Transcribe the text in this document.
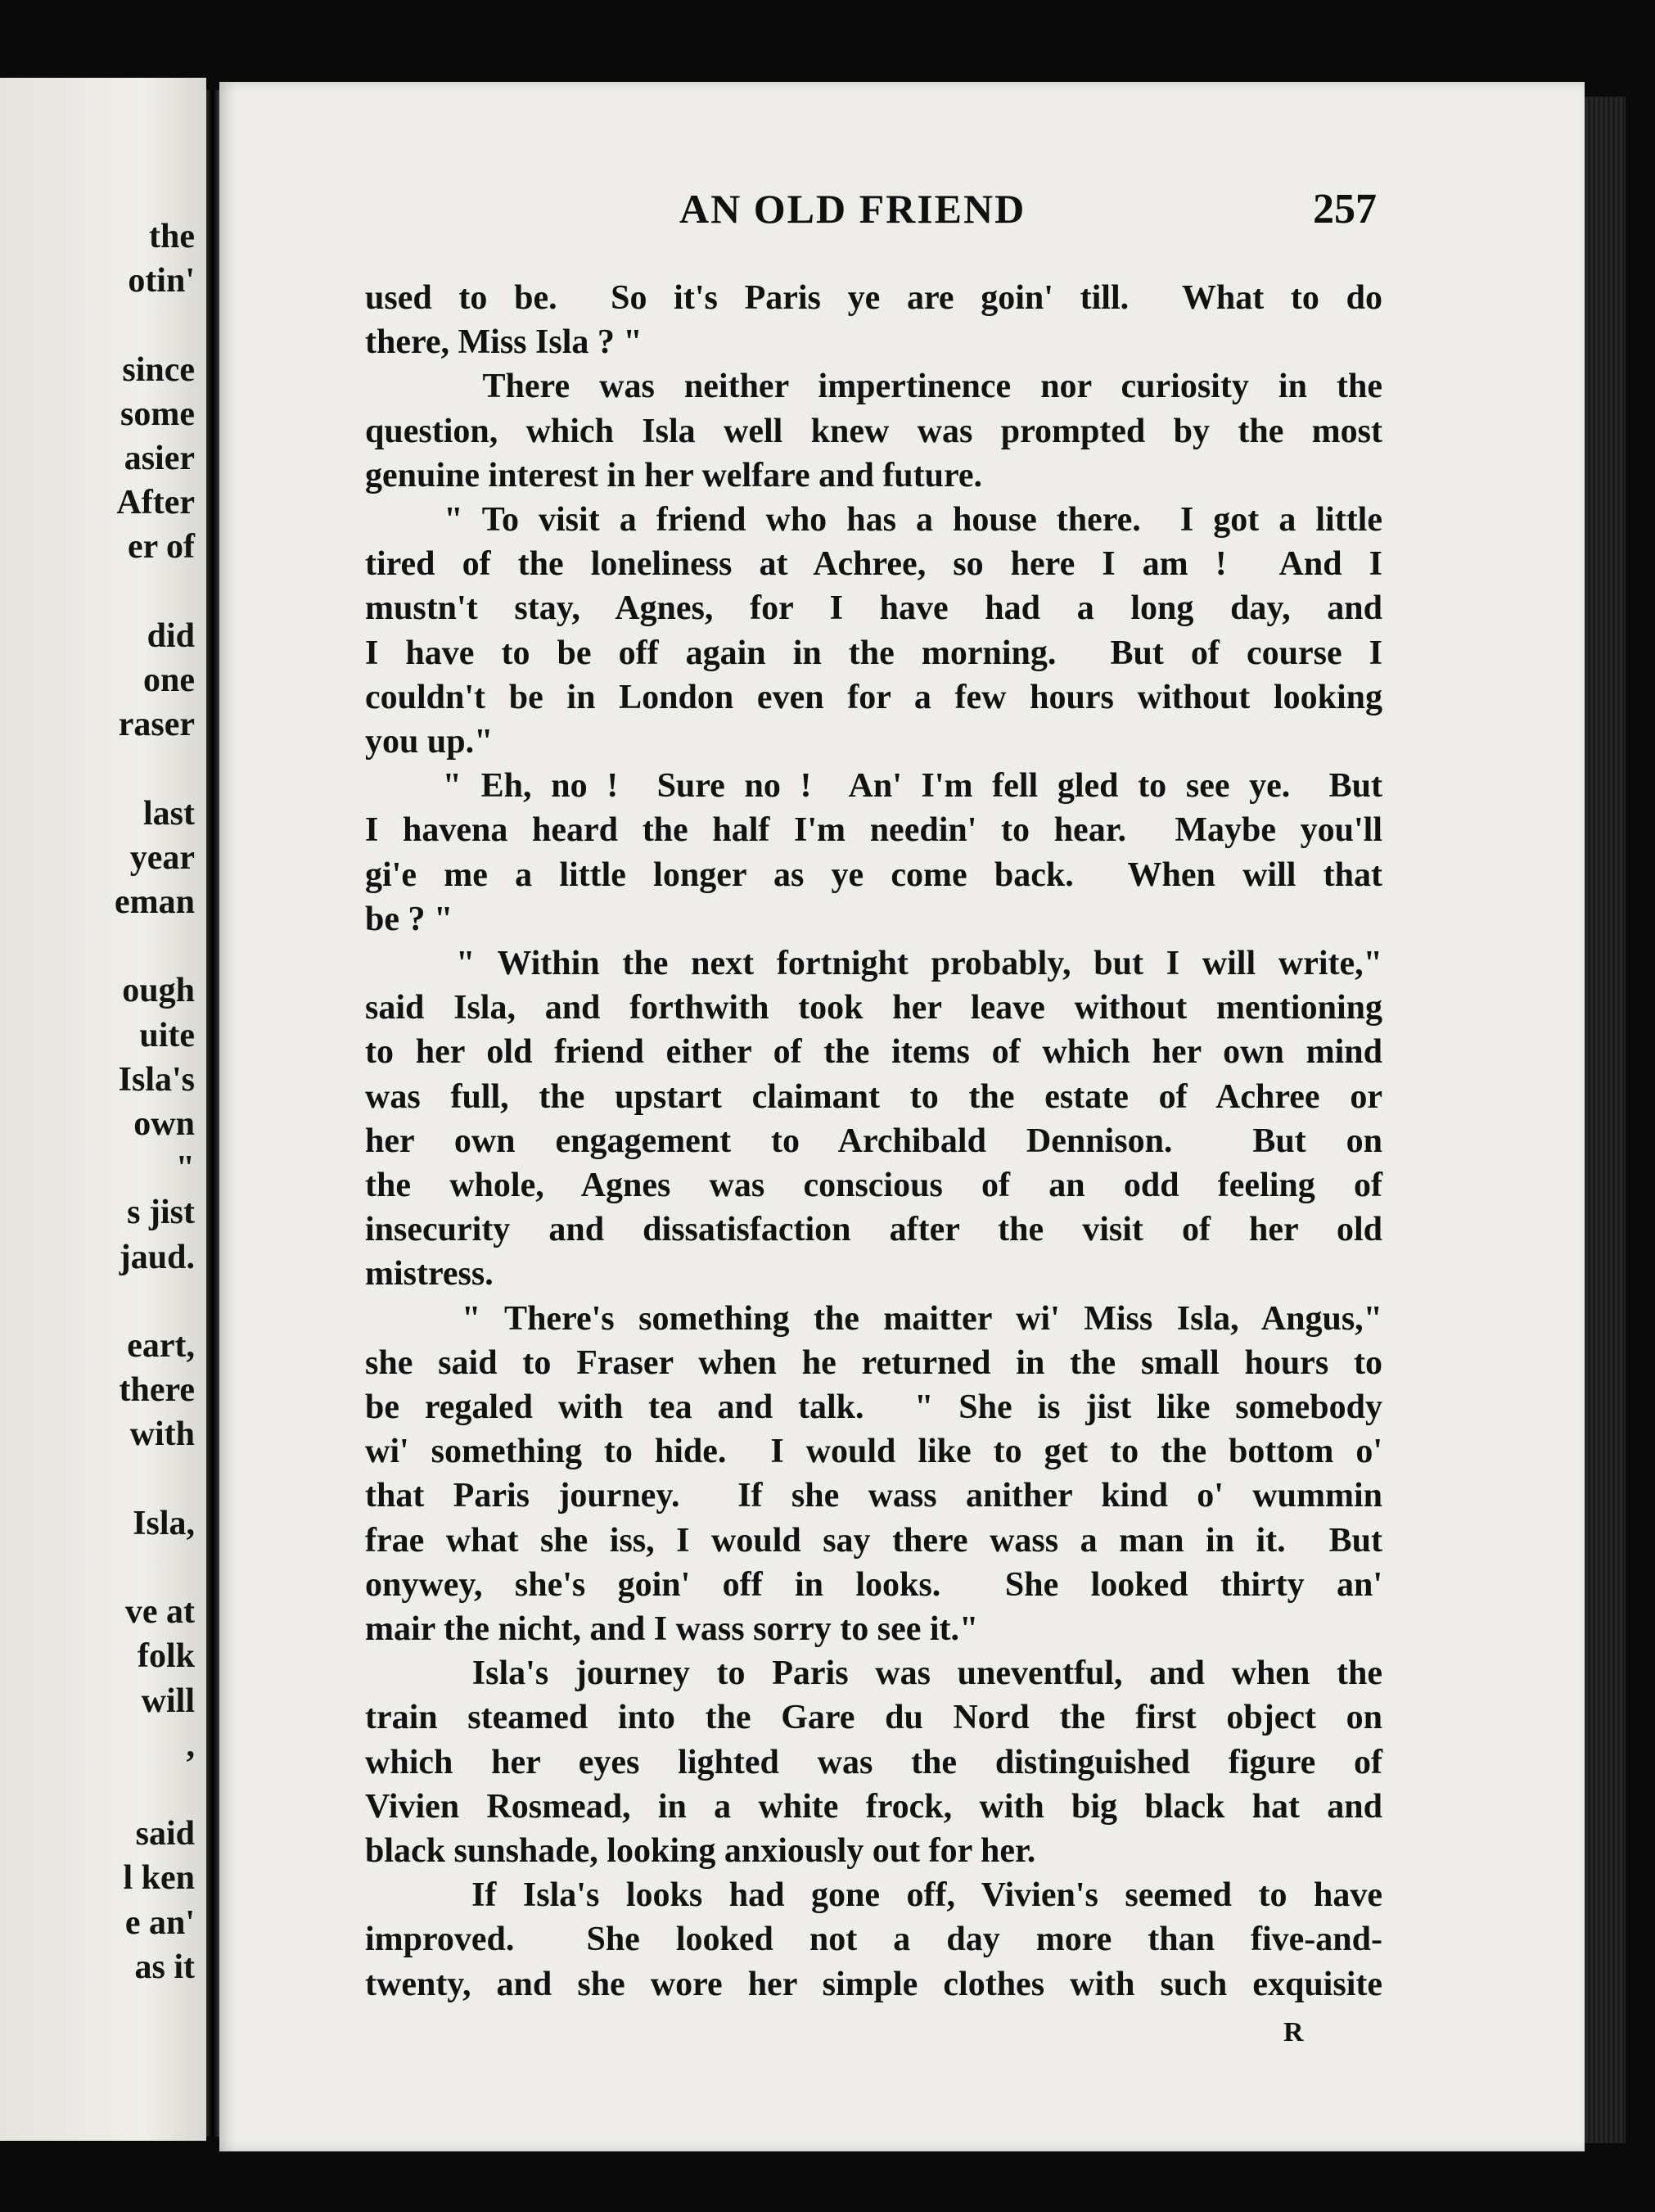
the
otin'
since
some
asier
After
er of
did
one
raser
last
year
eman
ough
uite
Isla's
own
"
s jist
jaud.
eart,
there
with
Isla,
ve at
folk
will
,
said
l ken
e an'
as it
AN OLD FRIEND	257
used to be.  So it's Paris ye are goin' till.  What to do
there, Miss Isla ? "
There was neither impertinence nor curiosity in the
question, which Isla well knew was prompted by the most
genuine interest in her welfare and future.
" To visit a friend who has a house there.  I got a little
tired of the loneliness at Achree, so here I am !  And I
mustn't stay, Agnes, for I have had a long day, and
I have to be off again in the morning.  But of course I
couldn't be in London even for a few hours without looking
you up."
" Eh, no !  Sure no !  An' I'm fell gled to see ye.  But
I havena heard the half I'm needin' to hear.  Maybe you'll
gi'e me a little longer as ye come back.  When will that
be ? "
" Within the next fortnight probably, but I will write,"
said Isla, and forthwith took her leave without mentioning
to her old friend either of the items of which her own mind
was full, the upstart claimant to the estate of Achree or
her own engagement to Archibald Dennison.  But on
the whole, Agnes was conscious of an odd feeling of
insecurity and dissatisfaction after the visit of her old
mistress.
" There's something the maitter wi' Miss Isla, Angus,"
she said to Fraser when he returned in the small hours to
be regaled with tea and talk.  " She is jist like somebody
wi' something to hide.  I would like to get to the bottom o'
that Paris journey.  If she wass anither kind o' wummin
frae what she iss, I would say there wass a man in it.  But
onywey, she's goin' off in looks.  She looked thirty an'
mair the nicht, and I wass sorry to see it."
Isla's journey to Paris was uneventful, and when the
train steamed into the Gare du Nord the first object on
which her eyes lighted was the distinguished figure of
Vivien Rosmead, in a white frock, with big black hat and
black sunshade, looking anxiously out for her.
If Isla's looks had gone off, Vivien's seemed to have
improved.  She looked not a day more than five-and-
twenty, and she wore her simple clothes with such exquisite
R
